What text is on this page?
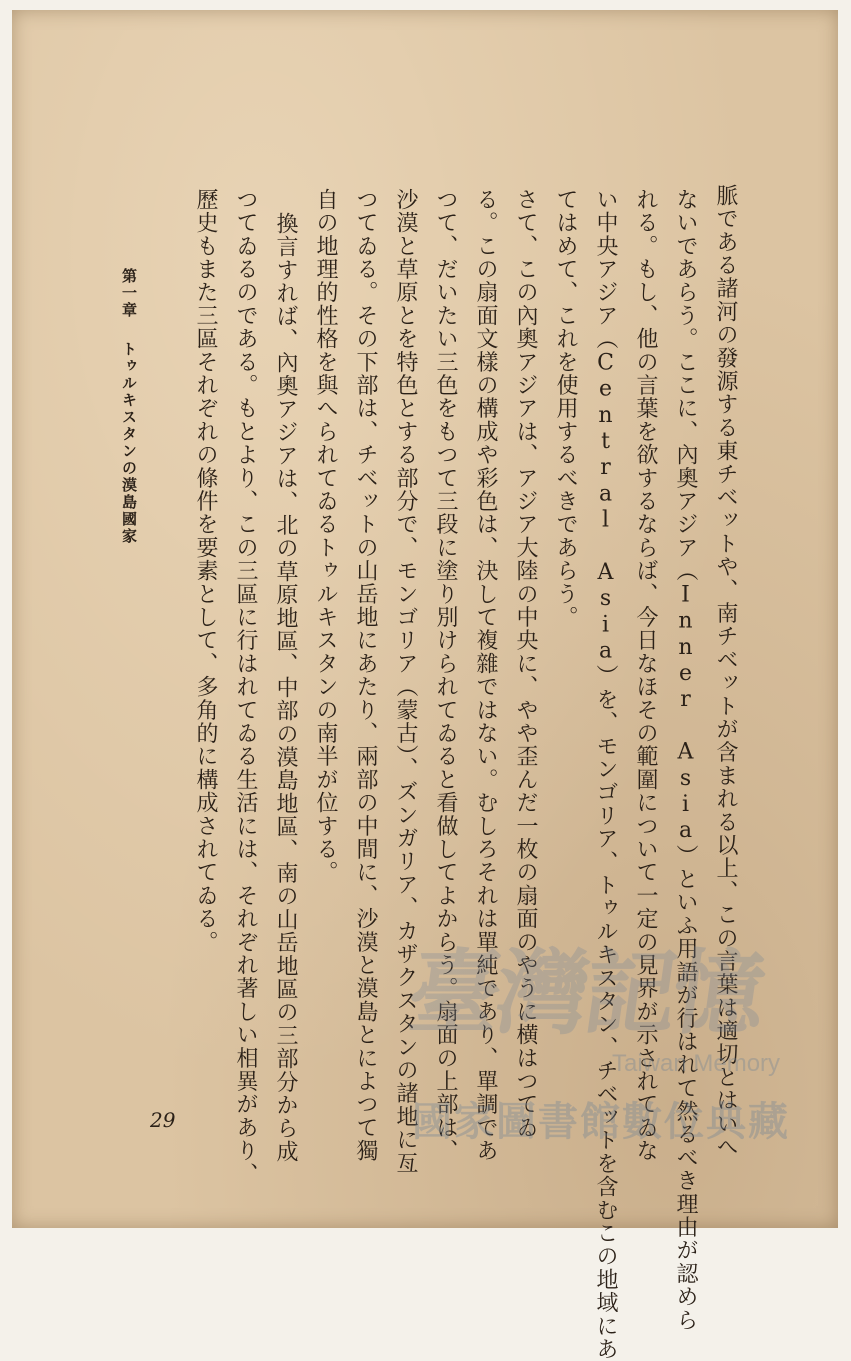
脈である諸河の發源する東チベットや、南チベットが含まれる以上、この言葉は適切とはいへ
ないであらう。ここに、內奧アジア（Inner Asia）といふ用語が行はれて然るべき理由が認めら
れる。もし、他の言葉を欲するならば、今日なほその範圍について一定の見界が示されてゐな
い中央アジア（Central Asia）を、モンゴリア、トゥルキスタン、チベットを含むこの地域にあ
てはめて、これを使用するべきであらう。
さて、この內奧アジアは、アジア大陸の中央に、やや歪んだ一枚の扇面のやうに横はつてゐ
る。この扇面文樣の構成や彩色は、決して複雜ではない。むしろそれは單純であり、單調であ
つて、だいたい三色をもつて三段に塗り別けられてゐると看做してよからう。扇面の上部は、
沙漠と草原とを特色とする部分で、モンゴリア（蒙古）、ズンガリア、カザクスタンの諸地に亙
つてゐる。その下部は、チベットの山岳地にあたり、兩部の中間に、沙漠と漠島とによつて獨
自の地理的性格を與へられてゐるトゥルキスタンの南半が位する。
換言すれば、內奧アジアは、北の草原地區、中部の漠島地區、南の山岳地區の三部分から成
つてゐるのである。もとより、この三區に行はれてゐる生活には、それぞれ著しい相異があり、
歷史もまた三區それぞれの條件を要素として、多角的に構成されてゐる。
第一章トゥルキスタンの漠島國家
29
臺灣記憶
Taiwan Memory
國家圖書館數位典藏
